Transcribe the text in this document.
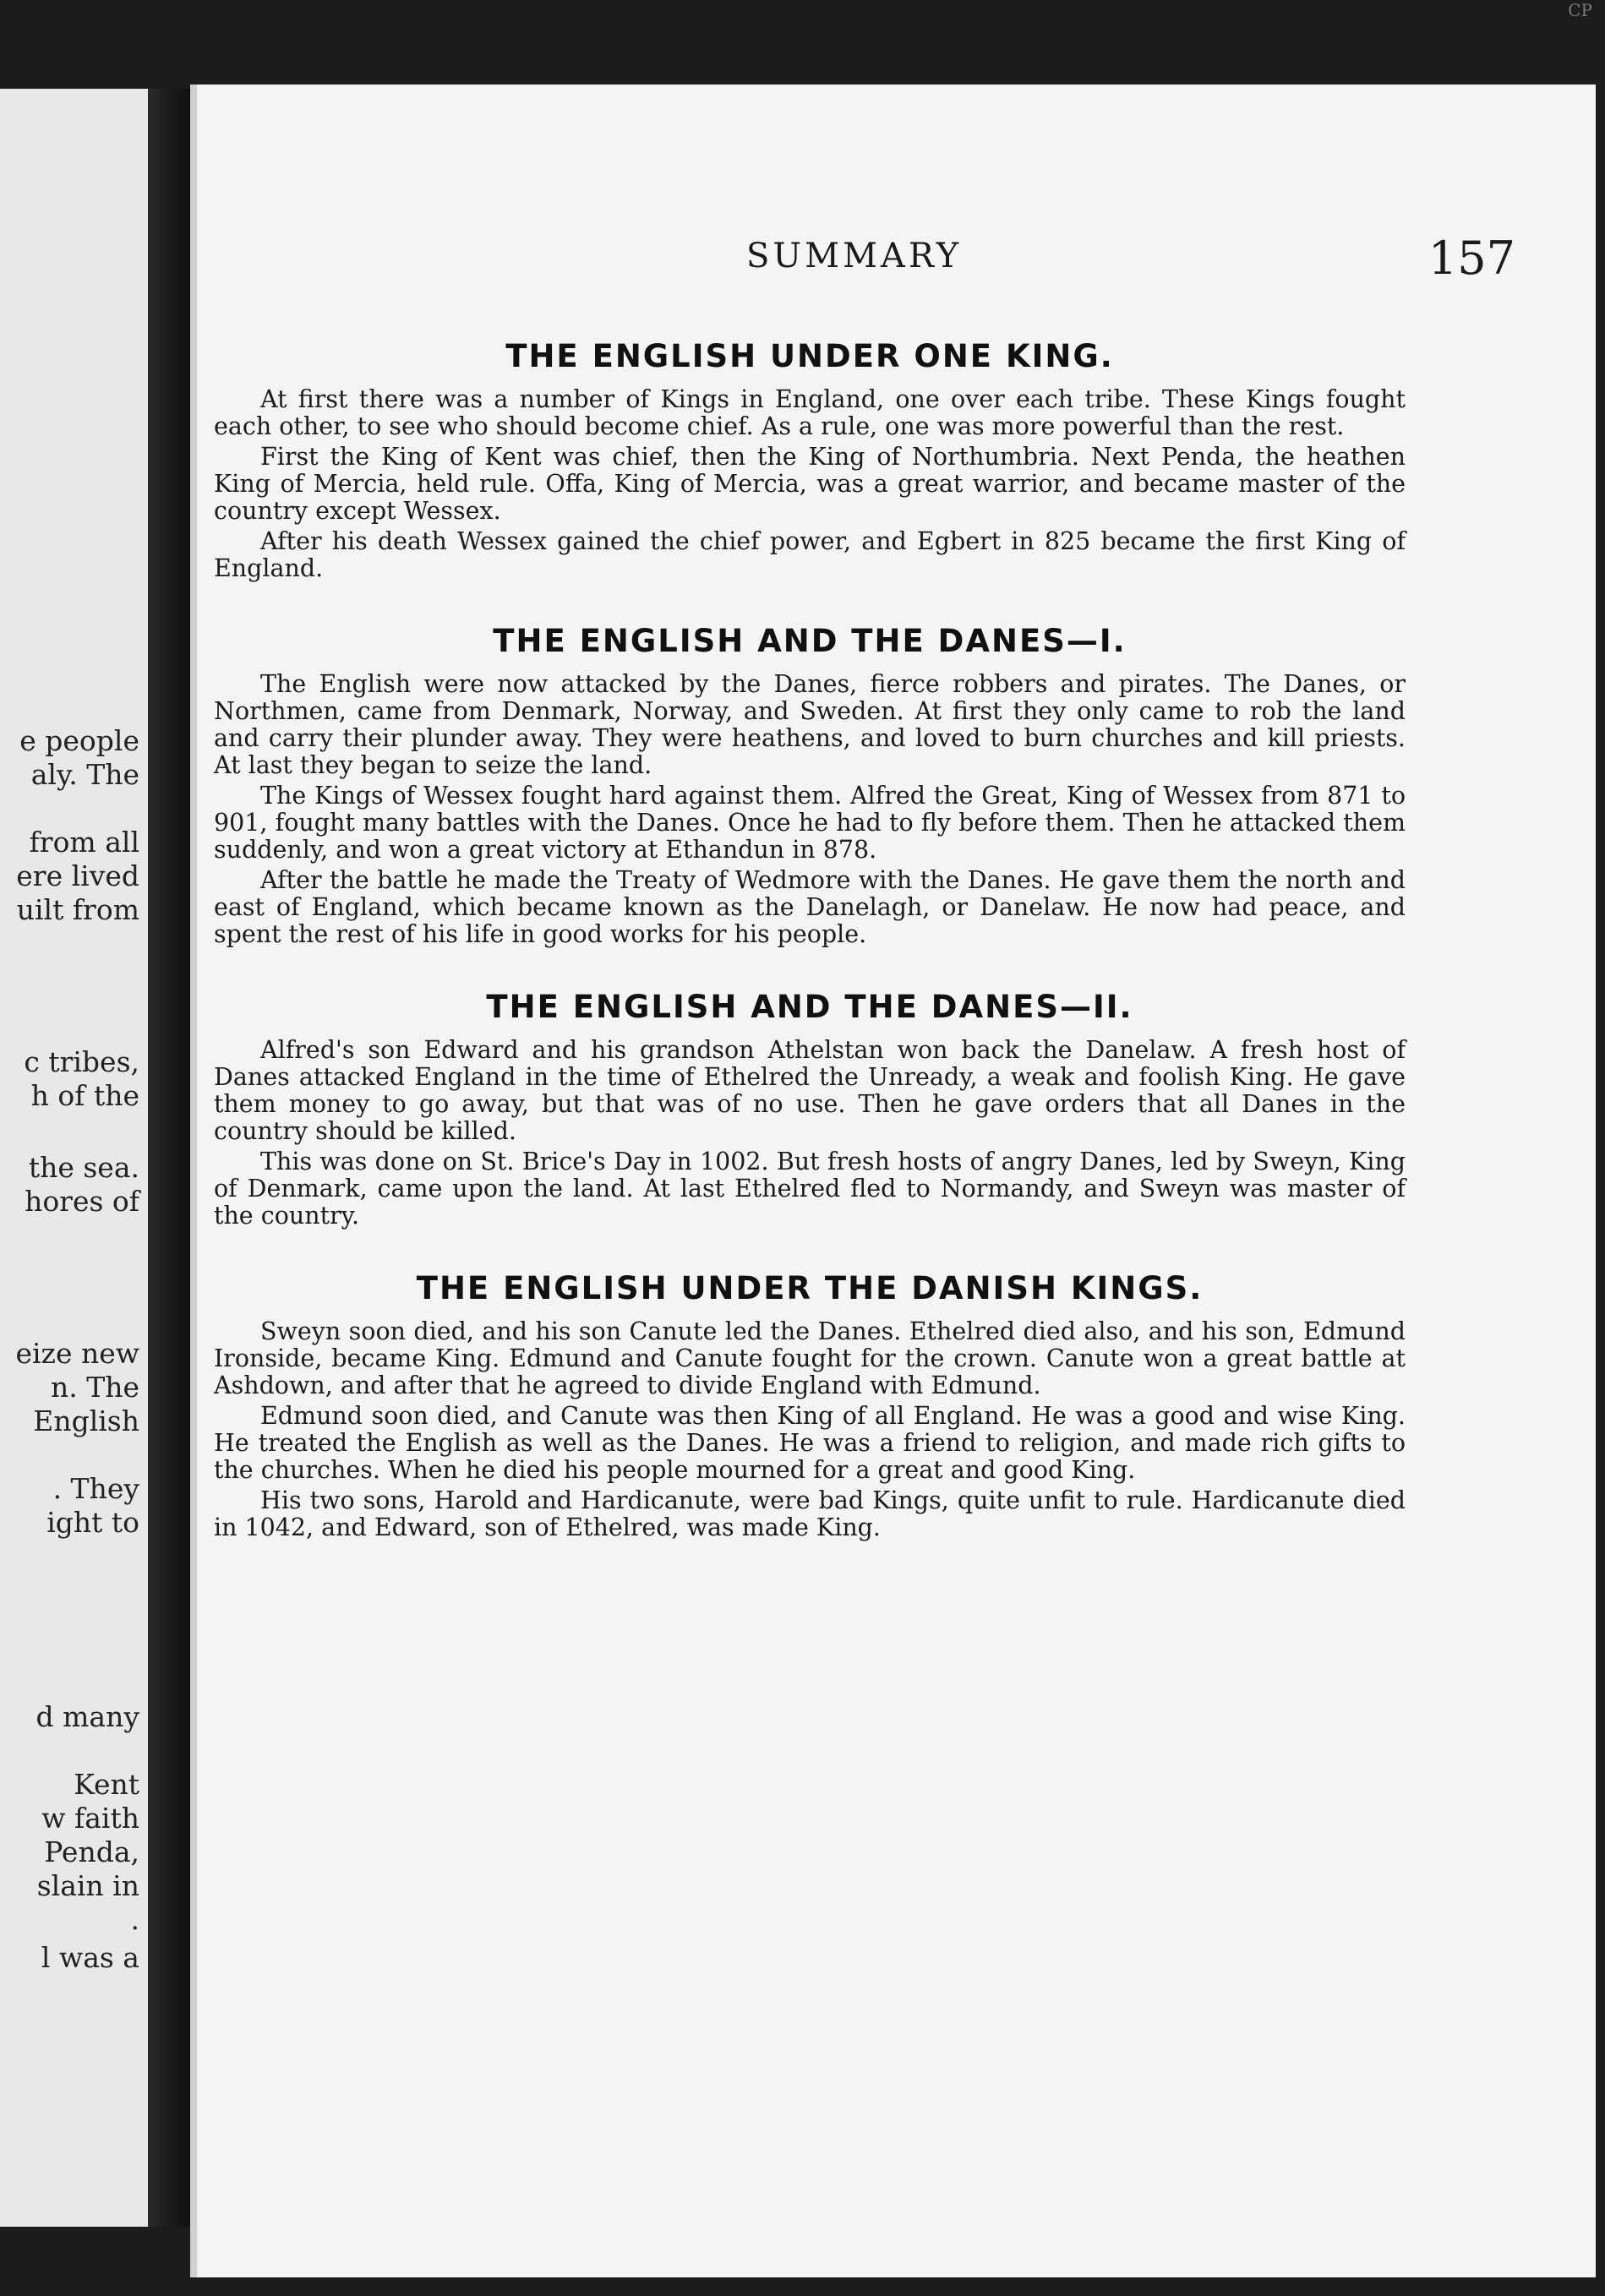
e people
aly. The
from all
ere lived
uilt from
c tribes,
h of the
the sea.
hores of
eize new
n. The
English
. They
ight to
d many
Kent
w faith
Penda,
slain in
.
l was a
SUMMARY	157
THE ENGLISH UNDER ONE KING.

At first there was a number of Kings in England, one over each tribe. These Kings fought each other, to see who should become chief. As a rule, one was more powerful than the rest.

First the King of Kent was chief, then the King of Northumbria. Next Penda, the heathen King of Mercia, held rule. Offa, King of Mercia, was a great warrior, and became master of the country except Wessex.

After his death Wessex gained the chief power, and Egbert in 825 became the first King of England.

THE ENGLISH AND THE DANES—I.

The English were now attacked by the Danes, fierce robbers and pirates. The Danes, or Northmen, came from Denmark, Norway, and Sweden. At first they only came to rob the land and carry their plunder away. They were heathens, and loved to burn churches and kill priests. At last they began to seize the land.

The Kings of Wessex fought hard against them. Alfred the Great, King of Wessex from 871 to 901, fought many battles with the Danes. Once he had to fly before them. Then he attacked them suddenly, and won a great victory at Ethandun in 878.

After the battle he made the Treaty of Wedmore with the Danes. He gave them the north and east of England, which became known as the Danelagh, or Danelaw. He now had peace, and spent the rest of his life in good works for his people.

THE ENGLISH AND THE DANES—II.

Alfred's son Edward and his grandson Athelstan won back the Danelaw. A fresh host of Danes attacked England in the time of Ethelred the Unready, a weak and foolish King. He gave them money to go away, but that was of no use. Then he gave orders that all Danes in the country should be killed.

This was done on St. Brice's Day in 1002. But fresh hosts of angry Danes, led by Sweyn, King of Denmark, came upon the land. At last Ethelred fled to Normandy, and Sweyn was master of the country.

THE ENGLISH UNDER THE DANISH KINGS.

Sweyn soon died, and his son Canute led the Danes. Ethelred died also, and his son, Edmund Ironside, became King. Edmund and Canute fought for the crown. Canute won a great battle at Ashdown, and after that he agreed to divide England with Edmund.

Edmund soon died, and Canute was then King of all England. He was a good and wise King. He treated the English as well as the Danes. He was a friend to religion, and made rich gifts to the churches. When he died his people mourned for a great and good King.

His two sons, Harold and Hardicanute, were bad Kings, quite unfit to rule. Hardicanute died in 1042, and Edward, son of Ethelred, was made King.

CP
